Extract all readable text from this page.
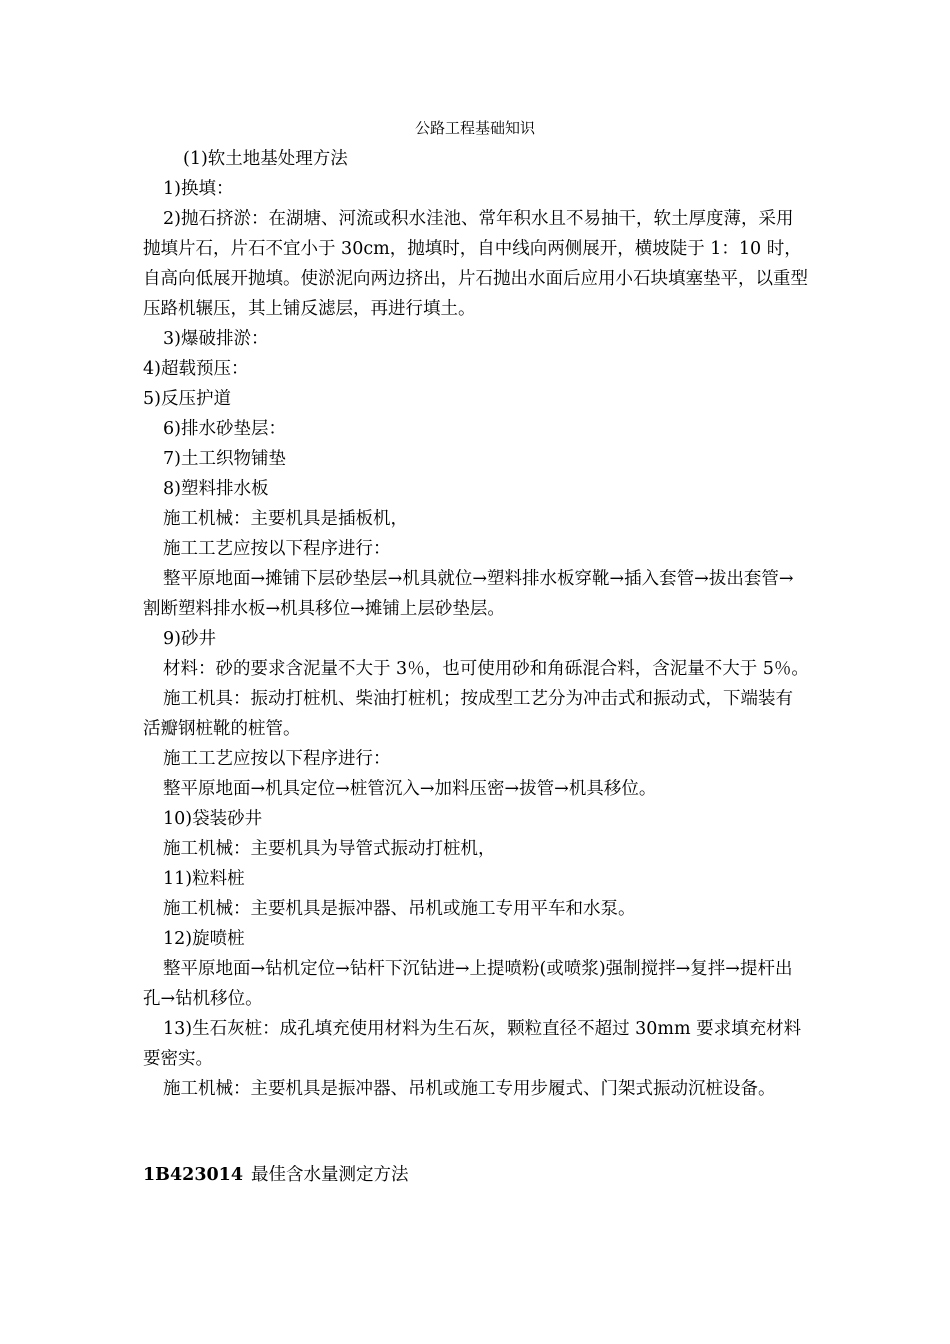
公路工程基础知识

(1)软土地基处理方法

1)换填：

2)抛石挤淤：在湖塘、河流或积水洼池、常年积水且不易抽干，软土厚度薄，采用抛填片石，片石不宜小于 30cm，抛填时，自中线向两侧展开，横坡陡于 1：10 时，自高向低展开抛填。使淤泥向两边挤出，片石抛出水面后应用小石块填塞垫平，以重型压路机辗压，其上铺反滤层，再进行填土。

3)爆破排淤：

4)超载预压：

5)反压护道

6)排水砂垫层：

7)土工织物铺垫

8)塑料排水板

施工机械：主要机具是插板机，

施工工艺应按以下程序进行：

整平原地面→摊铺下层砂垫层→机具就位→塑料排水板穿靴→插入套管→拔出套管→割断塑料排水板→机具移位→摊铺上层砂垫层。

9)砂井

材料：砂的要求含泥量不大于 3％，也可使用砂和角砾混合料，含泥量不大于 5％。

施工机具：振动打桩机、柴油打桩机；按成型工艺分为冲击式和振动式，下端装有活瓣钢桩靴的桩管。

施工工艺应按以下程序进行：

整平原地面→机具定位→桩管沉入→加料压密→拔管→机具移位。

10)袋装砂井

施工机械：主要机具为导管式振动打桩机，

11)粒料桩

施工机械：主要机具是振冲器、吊机或施工专用平车和水泵。

12)旋喷桩

整平原地面→钻机定位→钻杆下沉钻进→上提喷粉(或喷浆)强制搅拌→复拌→提杆出孔→钻机移位。

13)生石灰桩：成孔填充使用材料为生石灰，颗粒直径不超过 30mm 要求填充材料要密实。

施工机械：主要机具是振冲器、吊机或施工专用步履式、门架式振动沉桩设备。

1B423014 最佳含水量测定方法
